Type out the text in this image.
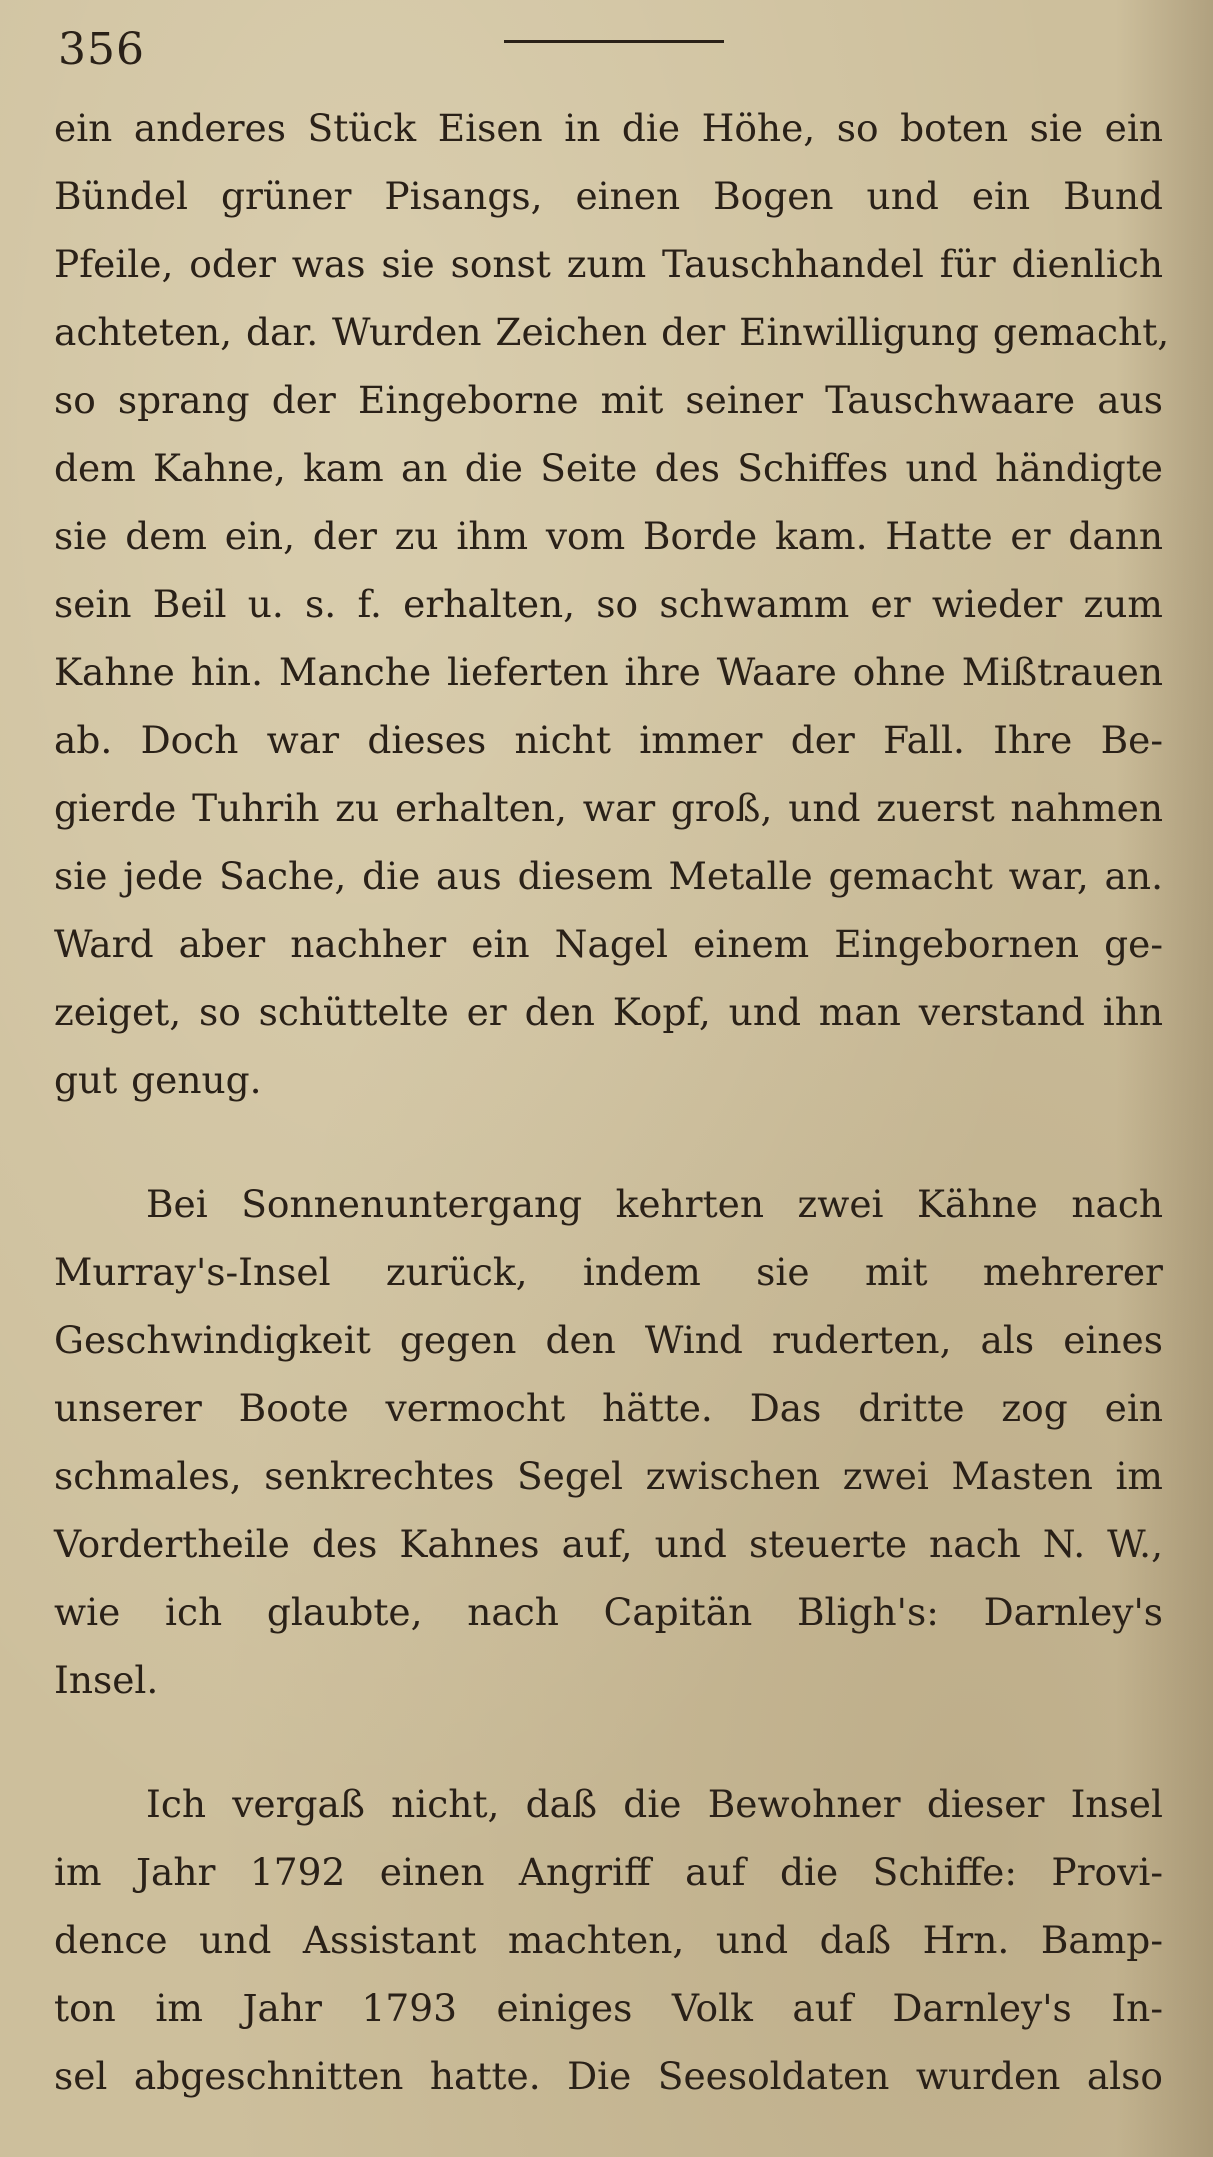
356
ein anderes Stück Eisen in die Höhe, so boten sie ein
Bündel grüner Pisangs, einen Bogen und ein Bund
Pfeile, oder was sie sonst zum Tauschhandel für dienlich
achteten, dar. Wurden Zeichen der Einwilligung gemacht,
so sprang der Eingeborne mit seiner Tauschwaare aus
dem Kahne, kam an die Seite des Schiffes und händigte
sie dem ein, der zu ihm vom Borde kam. Hatte er dann
sein Beil u. s. f. erhalten, so schwamm er wieder zum
Kahne hin. Manche lieferten ihre Waare ohne Mißtrauen
ab. Doch war dieses nicht immer der Fall. Ihre Be-
gierde Tuhrih zu erhalten, war groß, und zuerst nahmen
sie jede Sache, die aus diesem Metalle gemacht war, an.
Ward aber nachher ein Nagel einem Eingebornen ge-
zeiget, so schüttelte er den Kopf, und man verstand ihn
gut genug.
Bei Sonnenuntergang kehrten zwei Kähne nach
Murray's-Insel zurück, indem sie mit mehrerer
Geschwindigkeit gegen den Wind ruderten, als eines
unserer Boote vermocht hätte. Das dritte zog ein
schmales, senkrechtes Segel zwischen zwei Masten im
Vordertheile des Kahnes auf, und steuerte nach N. W.,
wie ich glaubte, nach Capitän Bligh's: Darnley's
Insel.
Ich vergaß nicht, daß die Bewohner dieser Insel
im Jahr 1792 einen Angriff auf die Schiffe: Provi-
dence und Assistant machten, und daß Hrn. Bamp-
ton im Jahr 1793 einiges Volk auf Darnley's In-
sel abgeschnitten hatte. Die Seesoldaten wurden also
